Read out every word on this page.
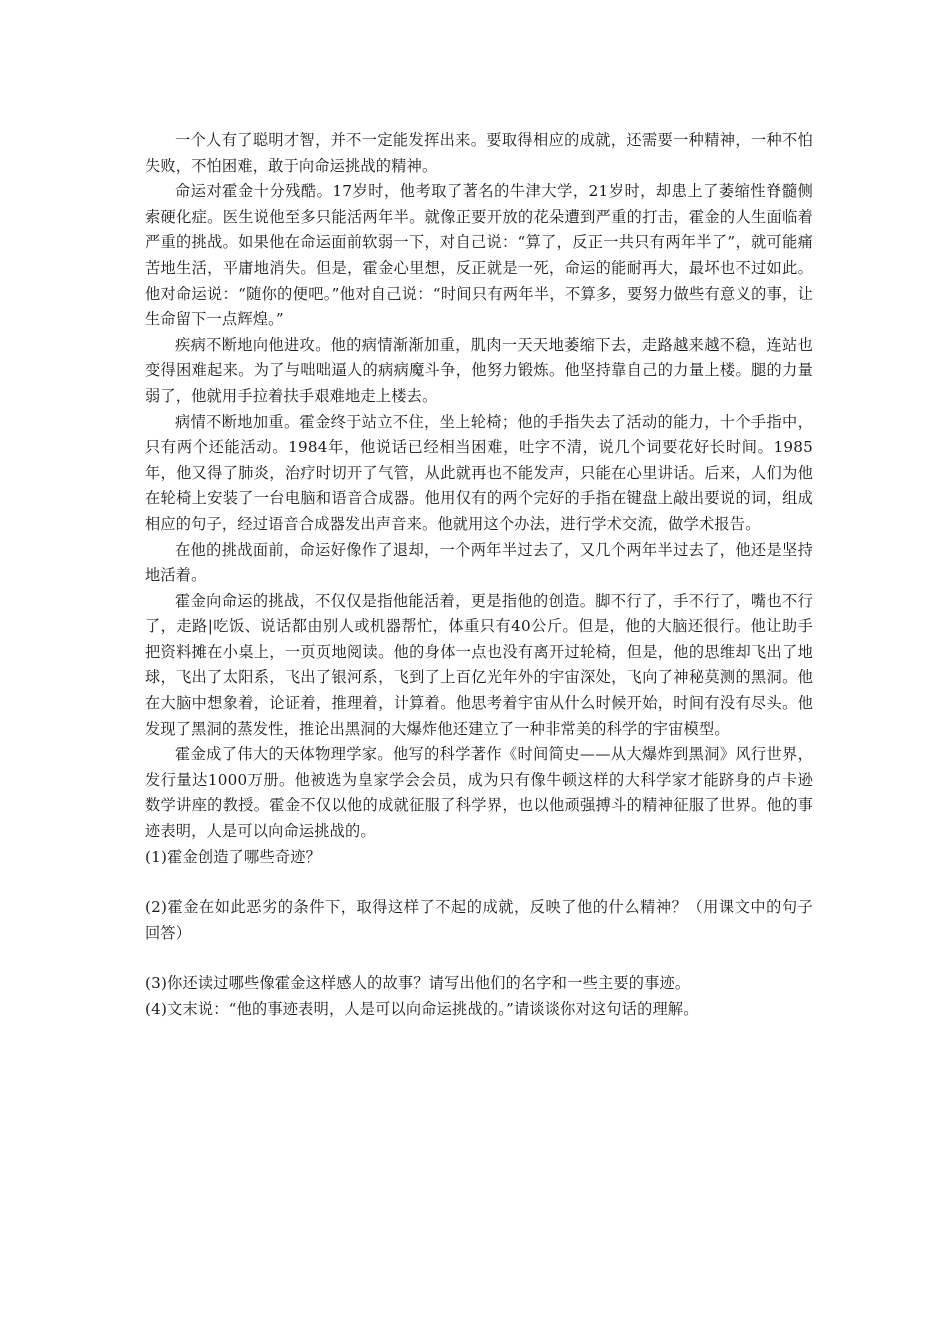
一个人有了聪明才智，并不一定能发挥出来。要取得相应的成就，还需要一种精神，一种不怕失败，不怕困难，敢于向命运挑战的精神。

命运对霍金十分残酷。17岁时，他考取了著名的牛津大学，21岁时，却患上了萎缩性脊髓侧索硬化症。医生说他至多只能活两年半。就像正要开放的花朵遭到严重的打击，霍金的人生面临着严重的挑战。如果他在命运面前软弱一下，对自己说：“算了，反正一共只有两年半了”，就可能痛苦地生活，平庸地消失。但是，霍金心里想，反正就是一死，命运的能耐再大，最坏也不过如此。他对命运说：“随你的便吧。”他对自己说：“时间只有两年半，不算多，要努力做些有意义的事，让生命留下一点辉煌。”

疾病不断地向他进攻。他的病情渐渐加重，肌肉一天天地萎缩下去，走路越来越不稳，连站也变得困难起来。为了与咄咄逼人的病病魔斗争，他努力锻炼。他坚持靠自己的力量上楼。腿的力量弱了，他就用手拉着扶手艰难地走上楼去。

病情不断地加重。霍金终于站立不住，坐上轮椅；他的手指失去了活动的能力，十个手指中，只有两个还能活动。1984年，他说话已经相当困难，吐字不清，说几个词要花好长时间。1985年，他又得了肺炎，治疗时切开了气管，从此就再也不能发声，只能在心里讲话。后来，人们为他在轮椅上安装了一台电脑和语音合成器。他用仅有的两个完好的手指在键盘上敲出要说的词，组成相应的句子，经过语音合成器发出声音来。他就用这个办法，进行学术交流，做学术报告。

在他的挑战面前，命运好像作了退却，一个两年半过去了，又几个两年半过去了，他还是坚持地活着。

霍金向命运的挑战，不仅仅是指他能活着，更是指他的创造。脚不行了，手不行了，嘴也不行了，走路|吃饭、说话都由别人或机器帮忙，体重只有40公斤。但是，他的大脑还很行。他让助手把资料摊在小桌上，一页页地阅读。他的身体一点也没有离开过轮椅，但是，他的思维却飞出了地球，飞出了太阳系，飞出了银河系，飞到了上百亿光年外的宇宙深处，飞向了神秘莫测的黑洞。他在大脑中想象着，论证着，推理着，计算着。他思考着宇宙从什么时候开始，时间有没有尽头。他发现了黑洞的蒸发性，推论出黑洞的大爆炸他还建立了一种非常美的科学的宇宙模型。

霍金成了伟大的天体物理学家。他写的科学著作《时间简史——从大爆炸到黑洞》风行世界，发行量达1000万册。他被选为皇家学会会员，成为只有像牛顿这样的大科学家才能跻身的卢卡逊数学讲座的教授。霍金不仅以他的成就征服了科学界，也以他顽强搏斗的精神征服了世界。他的事迹表明，人是可以向命运挑战的。

(1)霍金创造了哪些奇迹？

(2)霍金在如此恶劣的条件下，取得这样了不起的成就，反映了他的什么精神？（用课文中的句子回答）

(3)你还读过哪些像霍金这样感人的故事？请写出他们的名字和一些主要的事迹。

(4)文末说：“他的事迹表明，人是可以向命运挑战的。”请谈谈你对这句话的理解。
